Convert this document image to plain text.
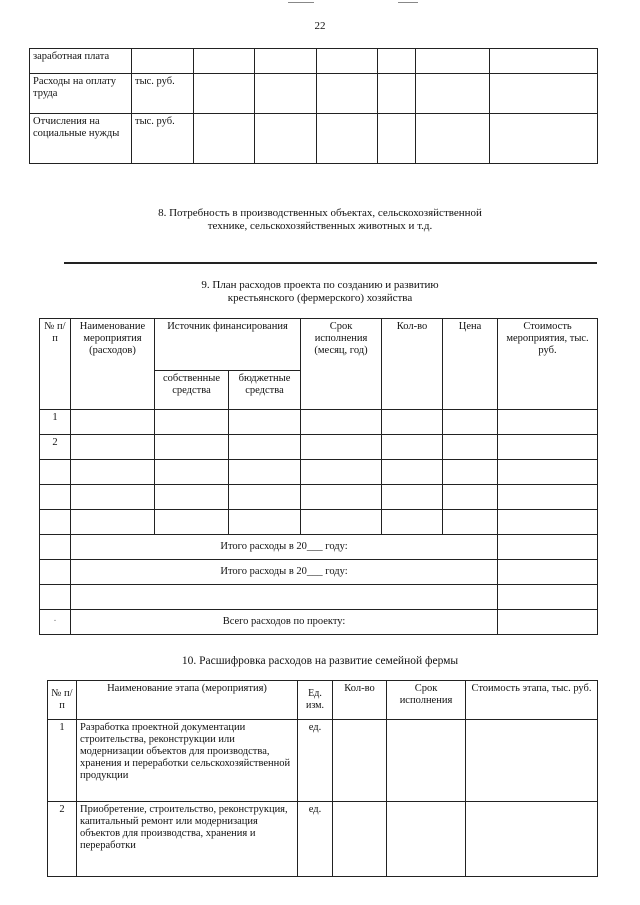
22
заработная плата							
Расходы на оплату труда	тыс. руб.						
Отчисления на социальные нужды	тыс. руб.						
8. Потребность в производственных объектах, сельскохозяйственной технике, сельскохозяйственных животных и т.д.
9. План расходов проекта по созданию и развитию крестьянского (фермерского) хозяйства
№ п/п	Наименование мероприятия (расходов)	Источник финансирования		Срок исполнения (месяц, год)	Кол-во	Цена	Стоимость мероприятия, тыс. руб.
		собственные средства	бюджетные средства				
1							
2							

	Итого расходы в 20___ году:						
	Итого расходы в 20___ году:						

·	Всего расходов по проекту:						
10. Расшифровка расходов на развитие семейной фермы
№ п/п	Наименование этапа (мероприятия)	Ед. изм.	Кол-во	Срок исполнения	Стоимость этапа, тыс. руб.
1	Разработка проектной документации строительства, реконструкции или модернизации объектов для производства, хранения и переработки сельскохозяйственной продукции	ед.			
2	Приобретение, строительство, реконструкция, капитальный ремонт или модернизация объектов для производства, хранения и переработки	ед.			
